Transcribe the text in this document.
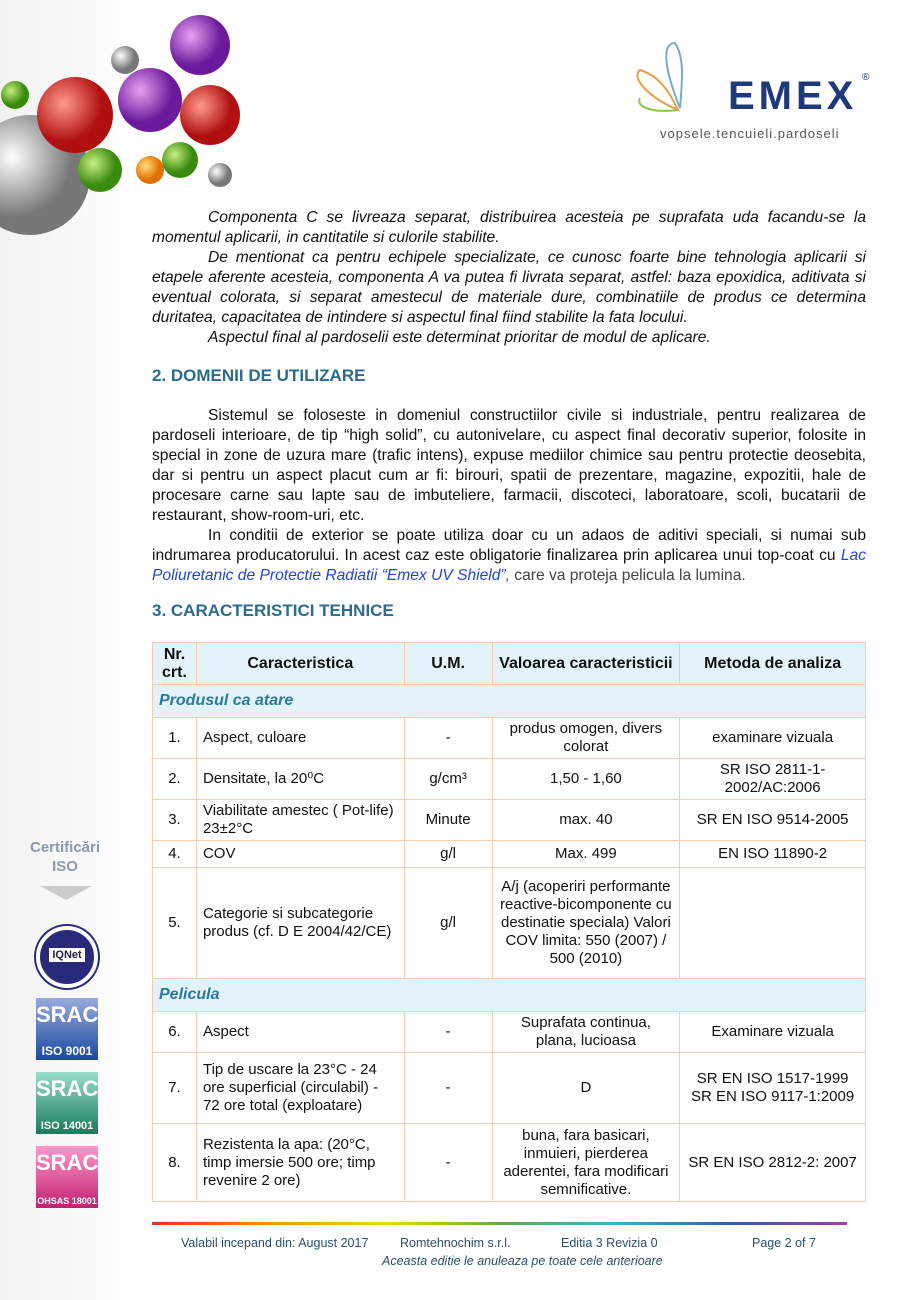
EMEX ®
vopsele.tencuieli.pardoseli

Componenta C se livreaza separat, distribuirea acesteia pe suprafata uda facandu-se la momentul aplicarii, in cantitatile si culorile stabilite.

De mentionat ca pentru echipele specializate, ce cunosc foarte bine tehnologia aplicarii si etapele aferente acesteia, componenta A va putea fi livrata separat, astfel: baza epoxidica, aditivata si eventual colorata, si separat amestecul de materiale dure, combinatiile de produs ce determina duritatea, capacitatea de intindere si aspectul final fiind stabilite la fata locului.

Aspectul final al pardoselii este determinat prioritar de modul de aplicare.

2. DOMENII DE UTILIZARE

Sistemul se foloseste in domeniul constructiilor civile si industriale, pentru realizarea de pardoseli interioare, de tip “high solid”, cu autonivelare, cu aspect final decorativ superior, folosite in special in zone de uzura mare (trafic intens), expuse mediilor chimice sau pentru protectie deosebita, dar si pentru un aspect placut cum ar fi: birouri, spatii de prezentare, magazine, expozitii, hale de procesare carne sau lapte sau de imbuteliere, farmacii, discoteci, laboratoare, scoli, bucatarii de restaurant, show-room-uri, etc.

In conditii de exterior se poate utiliza doar cu un adaos de aditivi speciali, si numai sub indrumarea producatorului. In acest caz este obligatorie finalizarea prin aplicarea unui top-coat cu Lac Poliuretanic de Protectie Radiatii “Emex UV Shield”, care va proteja pelicula la lumina.

3. CARACTERISTICI TEHNICE
Nr. crt.	Caracteristica	U.M.	Valoarea caracteristicii	Metoda de analiza
Produsul ca atare				
1.	Aspect, culoare	-	produs omogen, divers colorat	examinare vizuala
2.	Densitate, la 20⁰C	g/cm³	1,50 - 1,60	SR ISO 2811-1-2002/AC:2006
3.	Viabilitate amestec ( Pot-life) 23±2°C	Minute	max. 40	SR EN ISO 9514-2005
4.	COV	g/l	Max. 499	EN ISO 11890-2
5.	Categorie si subcategorie produs (cf. D E 2004/42/CE)	g/l	A/j (acoperiri performante reactive-bicomponente cu destinatie speciala) Valori COV limita: 550 (2007) / 500 (2010)	
Pelicula				
6.	Aspect	-	Suprafata continua, plana, lucioasa	Examinare vizuala
7.	Tip de uscare la 23°C - 24 ore superficial (circulabil) - 72 ore total (exploatare)	-	D	SR EN ISO 1517-1999 SR EN ISO 9117-1:2009
8.	Rezistenta la apa: (20°C, timp imersie 500 ore; timp revenire 2 ore)	-	buna, fara basicari, inmuieri, pierderea aderentei, fara modificari semnificative.	SR EN ISO 2812-2: 2007
Certificări ISO
IQNet
SRAC
ISO 9001
SRAC
ISO 14001
SRAC
OHSAS 18001
Valabil incepand din: August 2017	Romtehnochim s.r.l.	Editia 3 Revizia 0	Page 2 of 7
Aceasta editie le anuleaza pe toate cele anterioare
